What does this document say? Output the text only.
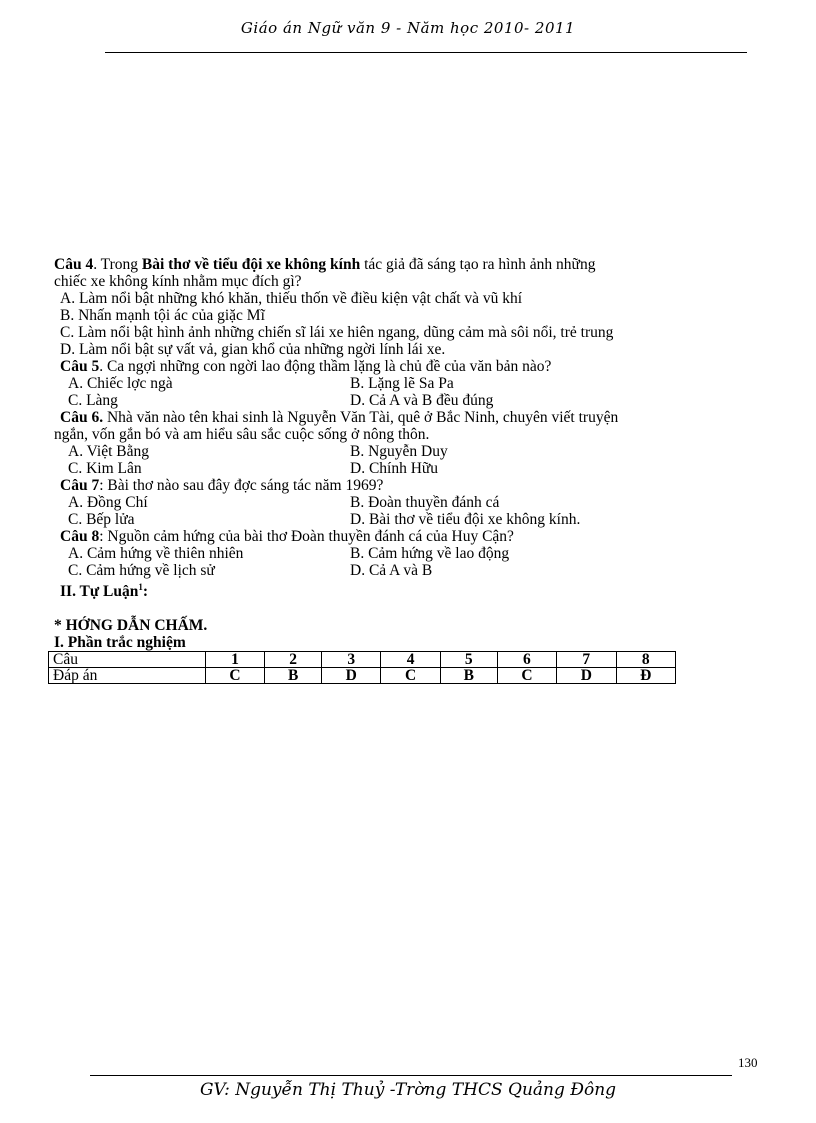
Giáo án Ngữ văn 9 - Năm học 2010- 2011
Câu 4. Trong Bài thơ về tiểu đội xe không kính tác giả đã sáng tạo ra hình ảnh những
chiếc xe không kính nhằm mục đích gì?
A. Làm nổi bật những khó khăn, thiếu thốn về điều kiện vật chất và vũ khí
B. Nhấn mạnh tội ác của giặc Mĩ
C. Làm nổi bật hình ảnh những chiến sĩ lái xe hiên ngang, dũng cảm mà sôi nổi, trẻ trung
D. Làm nổi bật sự vất vả, gian khổ của những ngời lính lái xe.
Câu 5. Ca ngợi những con ngời lao động thầm lặng là chủ đề của văn bản nào?
A. Chiếc lợc ngà	B. Lặng lẽ Sa Pa
C. Làng	D. Cả A và B đều đúng
Câu 6. Nhà văn nào tên khai sinh là Nguyễn Văn Tài, quê ở Bắc Ninh, chuyên viết truyện
ngắn, vốn gắn bó và am hiểu sâu sắc cuộc sống ở nông thôn.
A. Việt Bằng	B. Nguyễn Duy
C. Kim Lân	D. Chính Hữu
Câu 7: Bài thơ nào sau đây đợc sáng tác năm 1969?
A. Đồng Chí	B. Đoàn thuyền đánh cá
C. Bếp lửa	D. Bài thơ về tiểu đội xe không kính.
Câu 8: Nguồn cảm hứng của bài thơ Đoàn thuyền đánh cá của Huy Cận?
A. Cảm hứng về thiên nhiên	B. Cảm hứng về lao động
C. Cảm hứng về lịch sử	D. Cả A và B
II. Tự Luận$^1$:
* HỚNG DẪN CHẤM.
I. Phần trắc nghiệm
Câu	1	2	3	4	5	6	7	8
Đáp án	C	B	D	C	B	C	D	Đ
130
GV: Nguyễn Thị Thuỷ -Trờng THCS Quảng Đông
